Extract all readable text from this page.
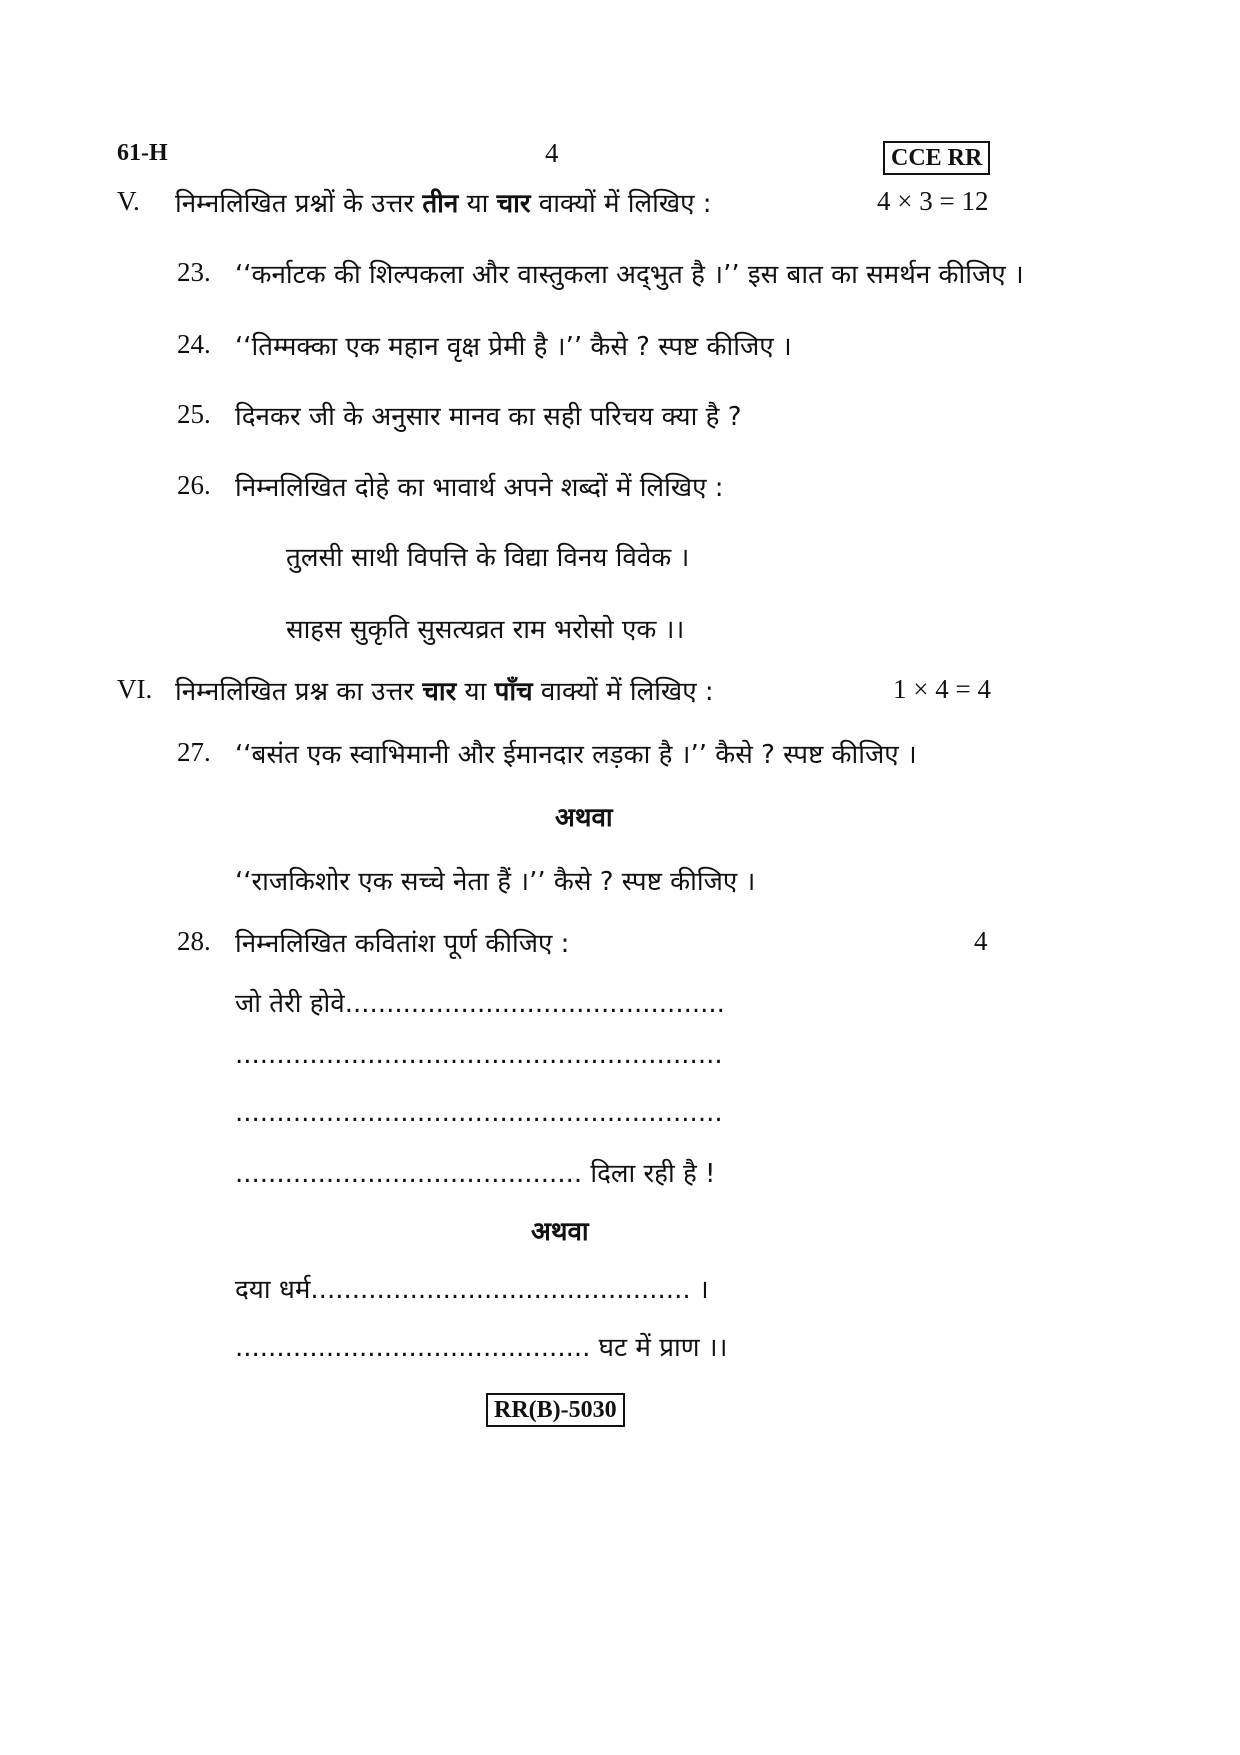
61-H	4	CCE RR
V. निम्नलिखित प्रश्नों के उत्तर तीन या चार वाक्यों में लिखिए :	4 × 3 = 12
23. ‘‘कर्नाटक की शिल्पकला और वास्तुकला अद्‌भुत है ।’’ इस बात का समर्थन कीजिए ।
24. ‘‘तिम्मक्का एक महान वृक्ष प्रेमी है ।’’ कैसे ? स्पष्ट कीजिए ।
25. दिनकर जी के अनुसार मानव का सही परिचय क्या है ?
26. निम्नलिखित दोहे का भावार्थ अपने शब्दों में लिखिए :
तुलसी साथी विपत्ति के विद्या विनय विवेक ।
साहस सुकृति सुसत्यव्रत राम भरोसो एक ।।
VI. निम्नलिखित प्रश्न का उत्तर चार या पाँच वाक्यों में लिखिए :	1 × 4 = 4
27. ‘‘बसंत एक स्वाभिमानी और ईमानदार लड़का है ।’’ कैसे ? स्पष्ट कीजिए ।
अथवा
‘‘राजकिशोर एक सच्चे नेता हैं ।’’ कैसे ? स्पष्ट कीजिए ।
28. निम्नलिखित कवितांश पूर्ण कीजिए :	4
जो तेरी होवे..............................................
...........................................................
...........................................................
.......................................... दिला रही है !
अथवा
दया धर्म.............................................. ।
........................................... घट में प्राण ।।
RR(B)-5030
